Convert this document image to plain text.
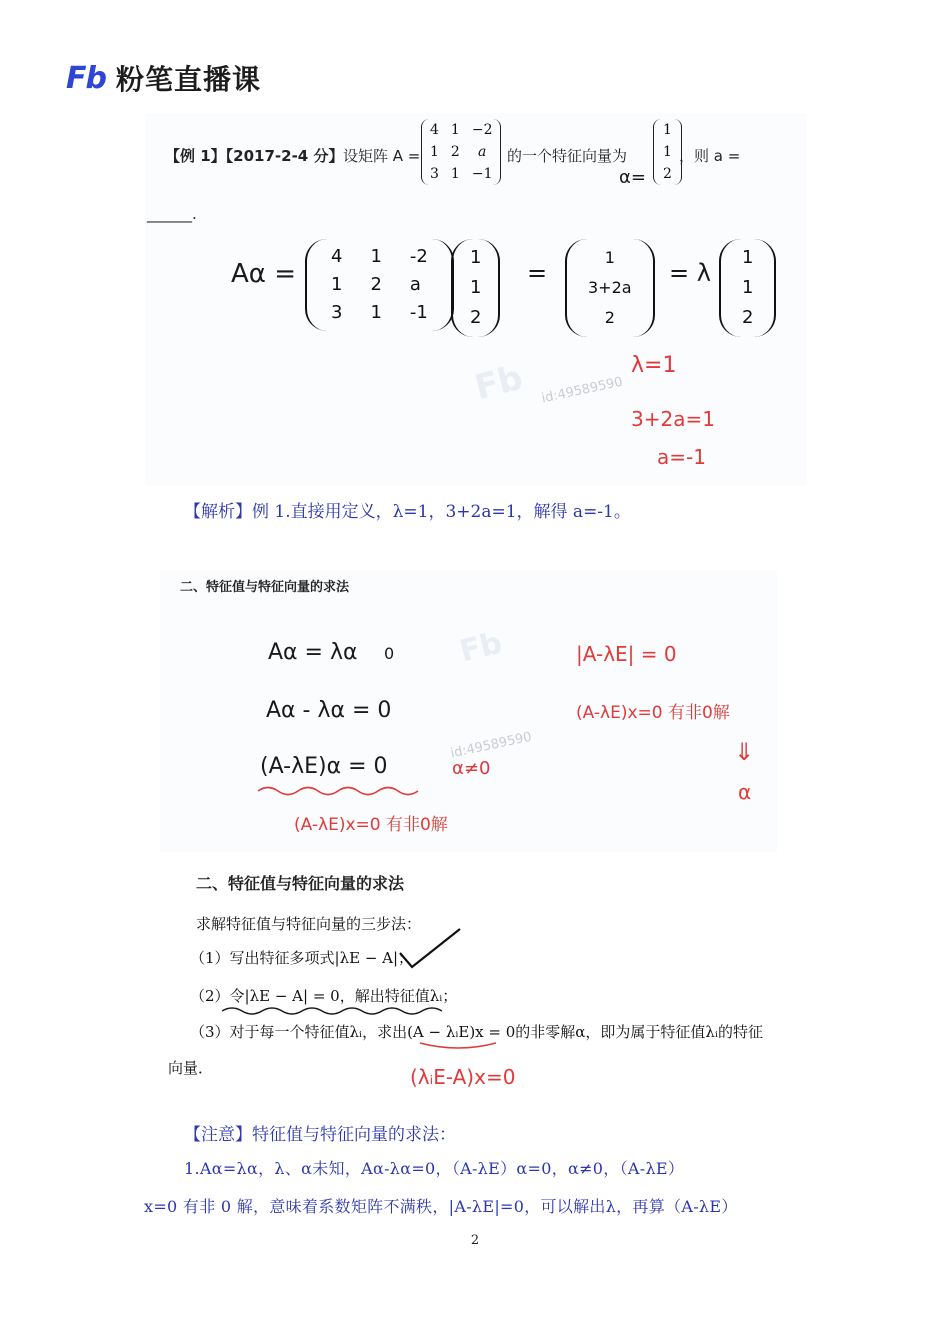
Fb 粉笔直播课
Fb
【例 1】【2017-2-4 分】 设矩阵 A =
4	1	−2
1	2	a
3	1	−1
的一个特征向量为
1
1
2
，则 a =
α=
______.
Aα =
4	1	-2
1	2	a
3	1	-1
1
1
2
=
1
3+2a
2
= λ
1
1
2
λ=1
id:49589590
3+2a=1
a=-1
【解析】例 1.直接用定义，λ=1，3+2a=1，解得 a=-1。
Fb
二、特征值与特征向量的求法
Aα = λα 0
Aα - λα = 0
(A-λE)α = 0	α≠0
id:49589590
(A-λE)x=0 有非0解
|A-λE| = 0
(A-λE)x=0 有非0解
⇓
α
二、特征值与特征向量的求法
求解特征值与特征向量的三步法：
（1）写出特征多项式|λE − A|；
（2）令|λE − A| = 0，解出特征值λᵢ；
（3）对于每一个特征值λᵢ，求出(A − λᵢE)x = 0的非零解α，即为属于特征值λᵢ的特征
向量．	(λᵢE-A)x=0
【注意】特征值与特征向量的求法：
1.Aα=λα，λ、α未知，Aα-λα=0，（A-λE）α=0，α≠0，（A-λE）
x=0 有非 0 解，意味着系数矩阵不满秩，|A-λE|=0，可以解出λ，再算（A-λE）
2
